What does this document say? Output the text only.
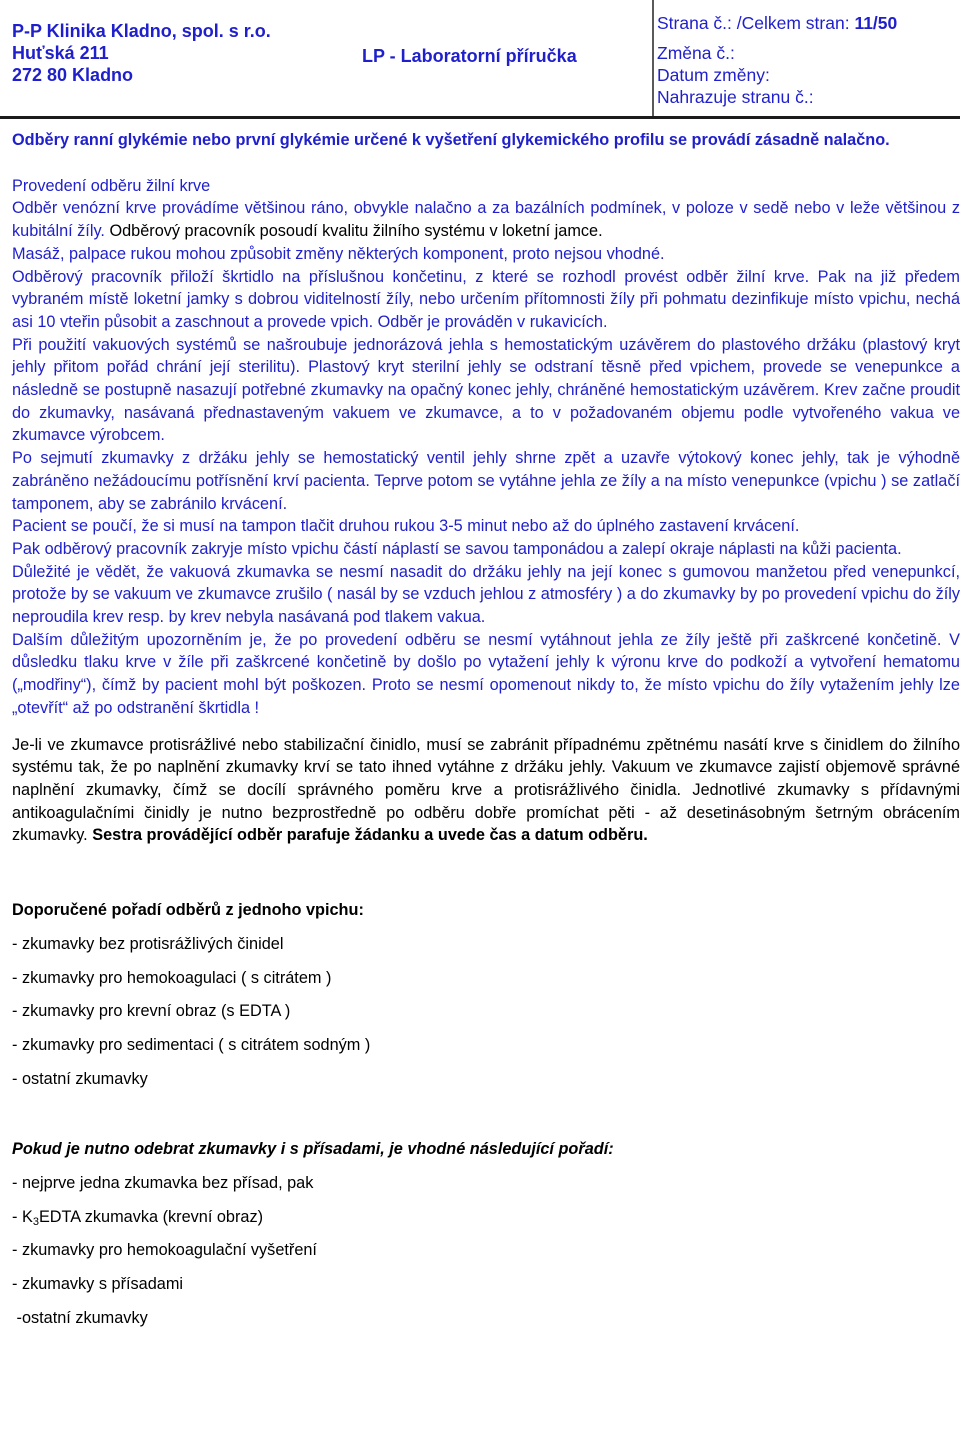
P-P Klinika Kladno, spol. s r.o.
Huťská 211
272 80 Kladno
LP - Laboratorní příručka
Strana č.: /Celkem stran: 11/50
Změna č.:
Datum změny:
Nahrazuje stranu č.:

Odběry ranní glykémie nebo první glykémie určené k vyšetření glykemického profilu se provádí zásadně nalačno.

Provedení odběru žilní krve

Odběr venózní krve provádíme většinou ráno, obvykle nalačno a za bazálních podmínek, v poloze v sedě nebo v leže většinou z kubitální žíly. Odběrový pracovník posoudí kvalitu žilního systému v loketní jamce.

Masáž, palpace rukou mohou způsobit změny některých komponent, proto nejsou vhodné.

Odběrový pracovník přiloží škrtidlo na příslušnou končetinu, z které se rozhodl provést odběr žilní krve. Pak na již předem vybraném místě loketní jamky s dobrou viditelností žíly, nebo určením přítomnosti žíly při pohmatu dezinfikuje místo vpichu, nechá asi 10 vteřin působit a zaschnout a provede vpich. Odběr je prováděn v rukavicích.

Při použití vakuových systémů se našroubuje jednorázová jehla s hemostatickým uzávěrem do plastového držáku (plastový kryt jehly přitom pořád chrání její sterilitu). Plastový kryt sterilní jehly se odstraní těsně před vpichem, provede se venepunkce a následně se postupně nasazují potřebné zkumavky na opačný konec jehly, chráněné hemostatickým uzávěrem. Krev začne proudit do zkumavky, nasávaná přednastaveným vakuem ve zkumavce, a to v požadovaném objemu podle vytvořeného vakua ve zkumavce výrobcem.

Po sejmutí zkumavky z držáku jehly se hemostatický ventil jehly shrne zpět a uzavře výtokový konec jehly, tak je výhodně zabráněno nežádoucímu potřísnění krví pacienta. Teprve potom se vytáhne jehla ze žíly a na místo venepunkce (vpichu ) se zatlačí tamponem, aby se zabránilo krvácení.

Pacient se poučí, že si musí na tampon tlačit druhou rukou 3-5 minut nebo až do úplného zastavení krvácení.

Pak odběrový pracovník zakryje místo vpichu částí náplastí se savou tamponádou a zalepí okraje náplasti na kůži pacienta.

Důležité je vědět, že vakuová zkumavka se nesmí nasadit do držáku jehly na její konec s gumovou manžetou před venepunkcí, protože by se vakuum ve zkumavce zrušilo ( nasál by se vzduch jehlou z atmosféry ) a do zkumavky by po provedení vpichu do žíly neproudila krev resp. by krev nebyla nasávaná pod tlakem vakua.

Dalším důležitým upozorněním je, že po provedení odběru se nesmí vytáhnout jehla ze žíly ještě při zaškrcené končetině. V důsledku tlaku krve v žíle při zaškrcené končetině by došlo po vytažení jehly k výronu krve do podkoží a vytvoření hematomu („modřiny“), čímž by pacient mohl být poškozen. Proto se nesmí opomenout nikdy to, že místo vpichu do žíly vytažením jehly lze „otevřít“ až po odstranění škrtidla !

Je-li ve zkumavce protisrážlivé nebo stabilizační činidlo, musí se zabránit případnému zpětnému nasátí krve s činidlem do žilního systému tak, že po naplnění zkumavky krví se tato ihned vytáhne z držáku jehly. Vakuum ve zkumavce zajistí objemově správné naplnění zkumavky, čímž se docílí správného poměru krve a protisrážlivého činidla. Jednotlivé zkumavky s přídavnými antikoagulačními činidly je nutno bezprostředně po odběru dobře promíchat pěti - až desetinásobným šetrným obrácením zkumavky. Sestra provádějící odběr parafuje žádanku a uvede čas a datum odběru.

Doporučené pořadí odběrů z jednoho vpichu:

- zkumavky bez protisrážlivých činidel

- zkumavky pro hemokoagulaci ( s citrátem )

- zkumavky pro krevní obraz (s EDTA )

- zkumavky pro sedimentaci ( s citrátem sodným )

- ostatní zkumavky

Pokud je nutno odebrat zkumavky i s přísadami, je vhodné následující pořadí:

- nejprve jedna zkumavka bez přísad, pak

- $K_3EDTA$ zkumavka (krevní obraz)

- zkumavky pro hemokoagulační vyšetření

- zkumavky s přísadami

-ostatní zkumavky
